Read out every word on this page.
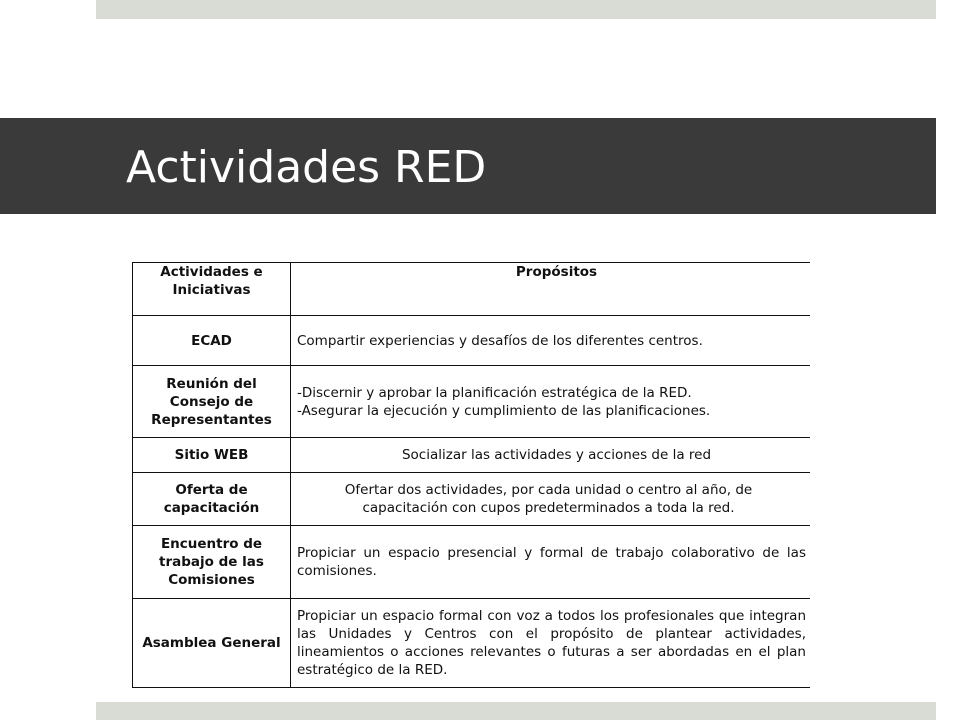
Actividades RED
Actividades e Iniciativas	Propósitos
ECAD	Compartir experiencias y desafíos de los diferentes centros.

Reunión del Consejo de Representantes	-Discernir y aprobar la planificación estratégica de la RED.
-Asegurar la ejecución y cumplimiento de las planificaciones.

Sitio WEB	Socializar las actividades y acciones de la red
Oferta de capacitación	Ofertar dos actividades, por cada unidad o centro al año, de capacitación con cupos predeterminados a toda la red.
Encuentro de trabajo de las Comisiones	Propiciar un espacio presencial y formal de trabajo colaborativo de las comisiones.
Asamblea General	Propiciar un espacio formal con voz a todos los profesionales que integran las Unidades y Centros con el propósito de plantear actividades, lineamientos o acciones relevantes o futuras a ser abordadas en el plan estratégico de la RED.
